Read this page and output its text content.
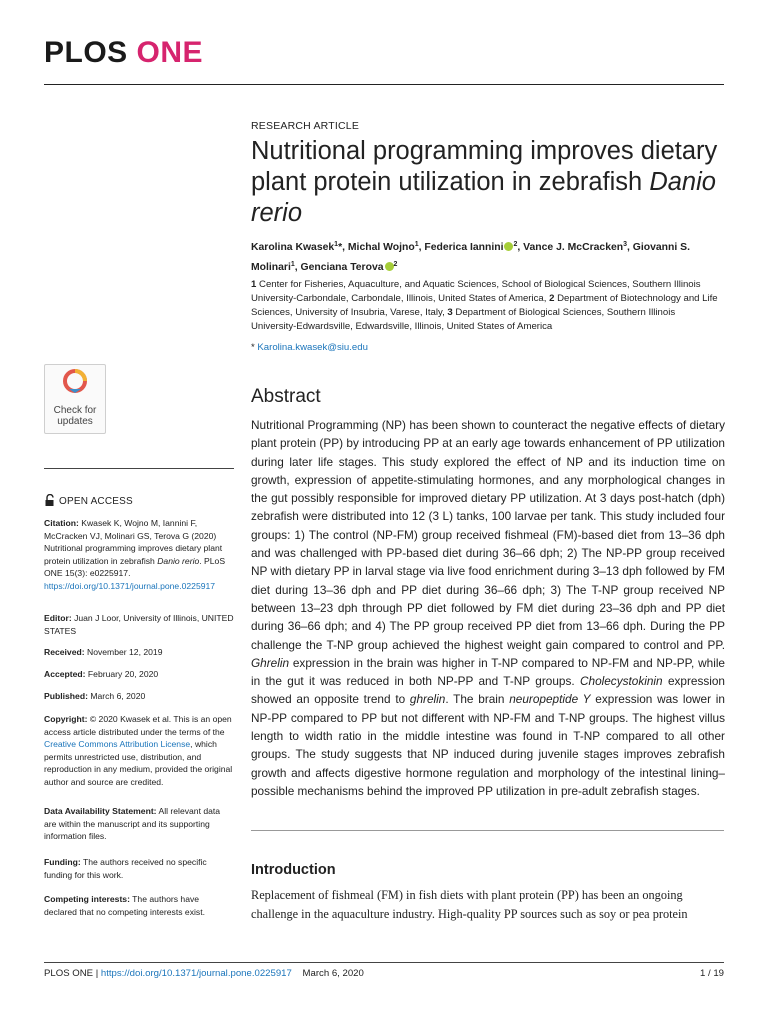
PLOS ONE
RESEARCH ARTICLE
Nutritional programming improves dietary plant protein utilization in zebrafish Danio rerio
Karolina Kwasek$^1$*, Michal Wojno$^1$, Federica Iannini $^2$, Vance J. McCracken$^3$, Giovanni S. Molinari$^1$, Genciana Terova $^2$
1 Center for Fisheries, Aquaculture, and Aquatic Sciences, School of Biological Sciences, Southern Illinois University-Carbondale, Carbondale, Illinois, United States of America, 2 Department of Biotechnology and Life Sciences, University of Insubria, Varese, Italy, 3 Department of Biological Sciences, Southern Illinois University-Edwardsville, Edwardsville, Illinois, United States of America
* Karolina.kwasek@siu.edu
Check for
updates
Abstract
Nutritional Programming (NP) has been shown to counteract the negative effects of dietary plant protein (PP) by introducing PP at an early age towards enhancement of PP utilization during later life stages. This study explored the effect of NP and its induction time on growth, expression of appetite-stimulating hormones, and any morphological changes in the gut possibly responsible for improved dietary PP utilization. At 3 days post-hatch (dph) zebrafish were distributed into 12 (3 L) tanks, 100 larvae per tank. This study included four groups: 1) The control (NP-FM) group received fishmeal (FM)-based diet from 13–36 dph and was challenged with PP-based diet during 36–66 dph; 2) The NP-PP group received NP with dietary PP in larval stage via live food enrichment during 3–13 dph followed by FM diet during 13–36 dph and PP diet during 36–66 dph; 3) The T-NP group received NP between 13–23 dph through PP diet followed by FM diet during 23–36 dph and PP diet during 36–66 dph; and 4) The PP group received PP diet from 13–66 dph. During the PP challenge the T-NP group achieved the highest weight gain compared to control and PP. Ghrelin expression in the brain was higher in T-NP compared to NP-FM and NP-PP, while in the gut it was reduced in both NP-PP and T-NP groups. Cholecystokinin expression showed an opposite trend to ghrelin. The brain neuropeptide Y expression was lower in NP-PP compared to PP but not different with NP-FM and T-NP groups. The highest villus length to width ratio in the middle intestine was found in T-NP compared to all other groups. The study suggests that NP induced during juvenile stages improves zebrafish growth and affects digestive hormone regulation and morphology of the intestinal lining–possible mechanisms behind the improved PP utilization in pre-adult zebrafish stages.
Introduction
Replacement of fishmeal (FM) in fish diets with plant protein (PP) has been an ongoing challenge in the aquaculture industry. High-quality PP sources such as soy or pea protein
OPEN ACCESS
Citation: Kwasek K, Wojno M, Iannini F, McCracken VJ, Molinari GS, Terova G (2020) Nutritional programming improves dietary plant protein utilization in zebrafish Danio rerio. PLoS ONE 15(3): e0225917. https://doi.org/10.1371/journal.pone.0225917
Editor: Juan J Loor, University of Illinois, UNITED STATES
Received: November 12, 2019
Accepted: February 20, 2020
Published: March 6, 2020
Copyright: © 2020 Kwasek et al. This is an open access article distributed under the terms of the Creative Commons Attribution License, which permits unrestricted use, distribution, and reproduction in any medium, provided the original author and source are credited.
Data Availability Statement: All relevant data are within the manuscript and its supporting information files.
Funding: The authors received no specific funding for this work.
Competing interests: The authors have declared that no competing interests exist.
PLOS ONE | https://doi.org/10.1371/journal.pone.0225917 March 6, 2020	1 / 19
